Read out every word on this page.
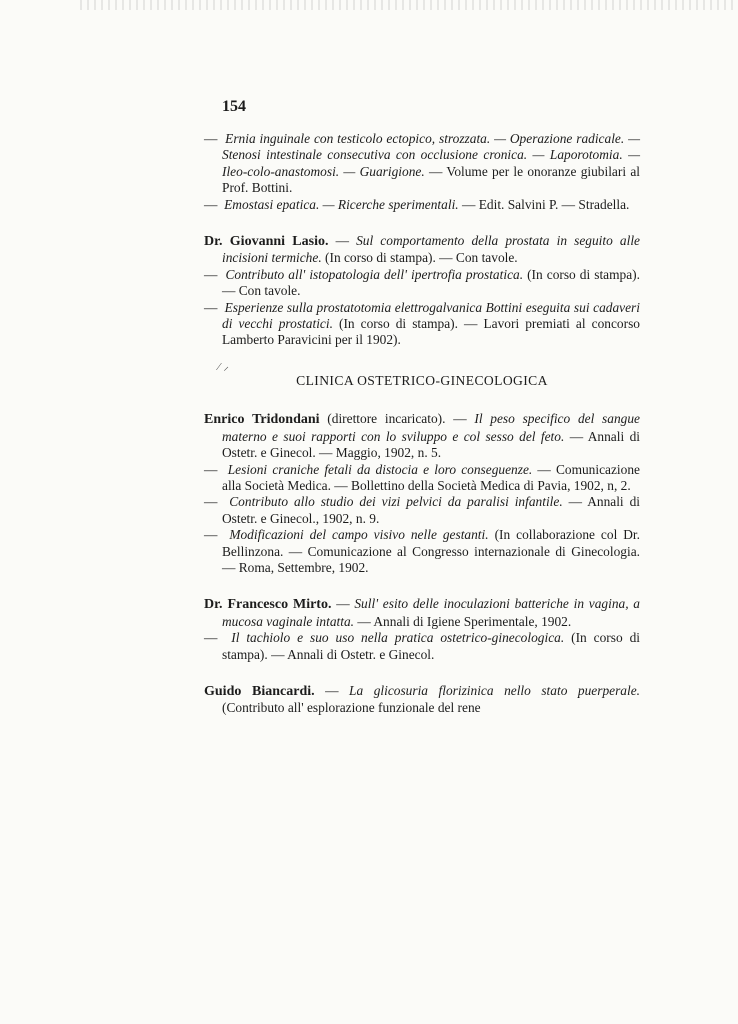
154

—  Ernia inguinale con testicolo ectopico, strozzata. — Operazione radicale. — Stenosi intestinale consecutiva con occlusione cronica. — Laporotomia. — Ileo-colo-anastomosi. — Guarigione. — Volume per le onoranze giubilari al Prof. Bottini.

—  Emostasi epatica. — Ricerche sperimentali. — Edit. Salvini P. — Stradella.

Dr. Giovanni Lasio. — Sul comportamento della prostata in seguito alle incisioni termiche. (In corso di stampa). — Con tavole.

—  Contributo all' istopatologia dell' ipertrofia prostatica. (In corso di stampa). — Con tavole.

—  Esperienze sulla prostatotomia elettrogalvanica Bottini eseguita sui cadaveri di vecchi prostatici. (In corso di stampa). — Lavori premiati al concorso Lamberto Paravicini per il 1902).

⁄ ⸝
CLINICA OSTETRICO-GINECOLOGICA

Enrico Tridondani (direttore incaricato). — Il peso specifico del sangue materno e suoi rapporti con lo sviluppo e col sesso del feto. — Annali di Ostetr. e Ginecol. — Maggio, 1902, n. 5.

—  Lesioni craniche fetali da distocia e loro conseguenze. — Comunicazione alla Società Medica. — Bollettino della Società Medica di Pavia, 1902, n, 2.

—  Contributo allo studio dei vizi pelvici da paralisi infantile. — Annali di Ostetr. e Ginecol., 1902, n. 9.

—  Modificazioni del campo visivo nelle gestanti. (In collaborazione col Dr. Bellinzona. — Comunicazione al Congresso internazionale di Ginecologia. — Roma, Settembre, 1902.

Dr. Francesco Mirto. — Sull' esito delle inoculazioni batteriche in vagina, a mucosa vaginale intatta. — Annali di Igiene Sperimentale, 1902.

—  Il tachiolo e suo uso nella pratica ostetrico-ginecologica. (In corso di stampa). — Annali di Ostetr. e Ginecol.

Guido Biancardi. — La glicosuria florizinica nello stato puerperale. (Contributo all' esplorazione funzionale del rene
